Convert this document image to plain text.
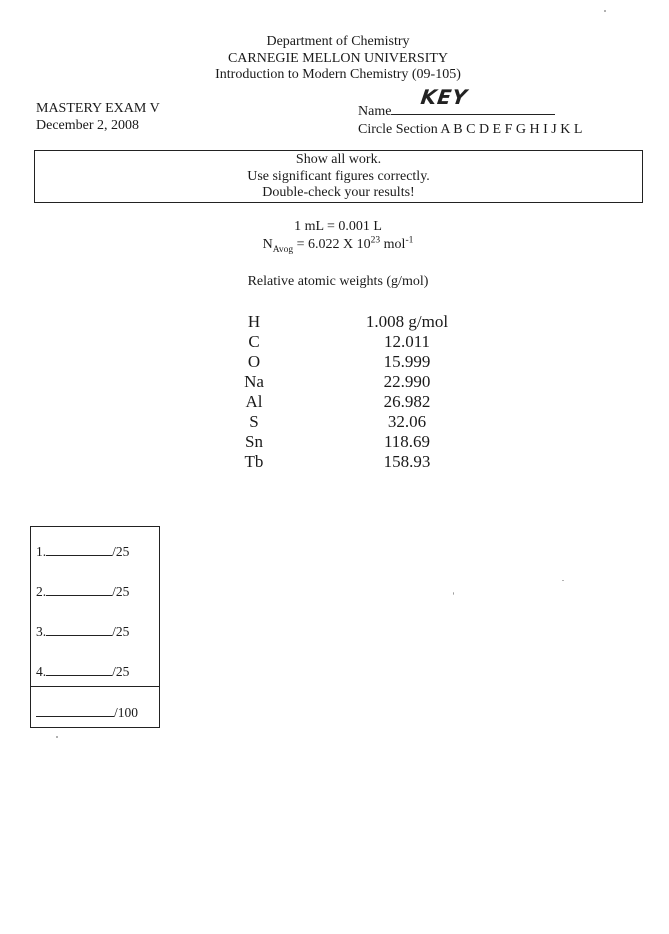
Department of Chemistry
CARNEGIE MELLON UNIVERSITY
Introduction to Modern Chemistry (09-105)
MASTERY EXAM V
December 2, 2008
Name
KEY
Circle Section A B C D E F G H I J K L
Show all work.
Use significant figures correctly.
Double-check your results!
1 mL = 0.001 L
$N_{Avog} = 6.022$ X $10^{23}$ mol$^{-1}$
Relative atomic weights (g/mol)
H	1.008 g/mol
C	12.011
O	15.999
Na	22.990
Al	26.982
S	32.06
Sn	118.69
Tb	158.93
1.	/25
2.	/25
3.	/25
4.	/25
/100
